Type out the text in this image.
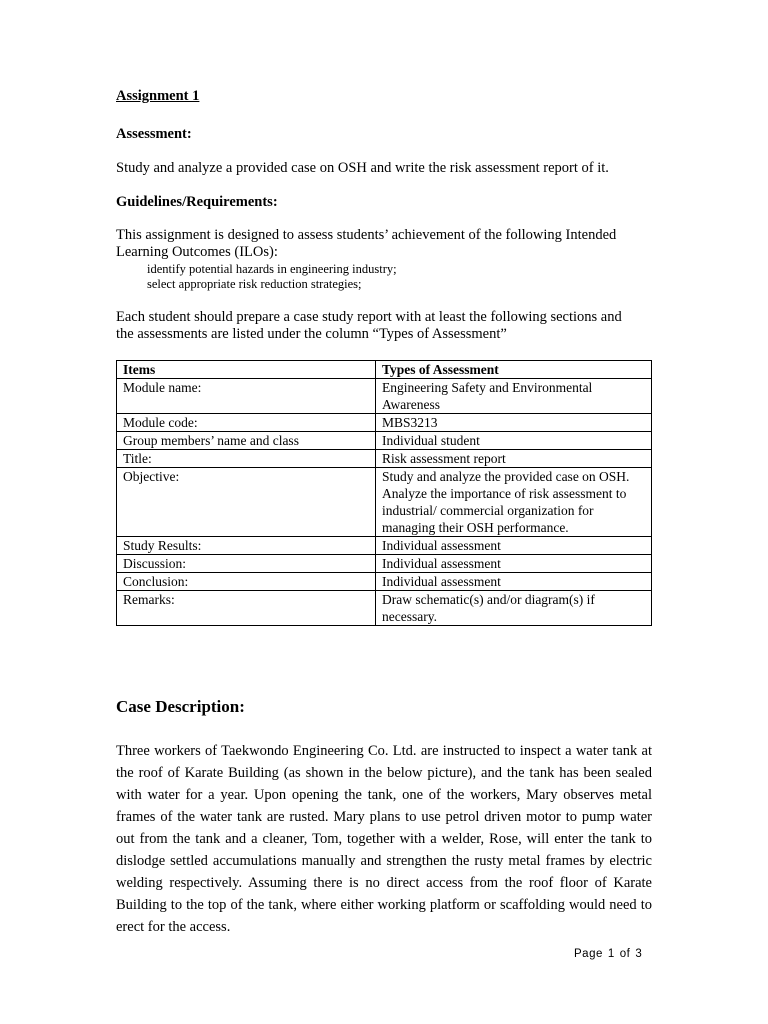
Assignment 1
Assessment:
Study and analyze a provided case on OSH and write the risk assessment report of it.
Guidelines/Requirements:
This assignment is designed to assess students’ achievement of the following Intended
Learning Outcomes (ILOs):
identify potential hazards in engineering industry;
select appropriate risk reduction strategies;
Each student should prepare a case study report with at least the following sections and
the assessments are listed under the column “Types of Assessment”
Items	Types of Assessment
Module name:	Engineering Safety and Environmental Awareness
Module code:	MBS3213
Group members’ name and class	Individual student
Title:	Risk assessment report
Objective:	Study and analyze the provided case on OSH.
Analyze the importance of risk assessment to industrial/ commercial organization for managing their OSH performance.

Study Results:	Individual assessment
Discussion:	Individual assessment
Conclusion:	Individual assessment
Remarks:	Draw schematic(s) and/or diagram(s) if necessary.
Case Description:
Three workers of Taekwondo Engineering Co. Ltd. are instructed to inspect a water tank at the roof of Karate Building (as shown in the below picture), and the tank has been sealed with water for a year. Upon opening the tank, one of the workers, Mary observes metal frames of the water tank are rusted. Mary plans to use petrol driven motor to pump water out from the tank and a cleaner, Tom, together with a welder, Rose, will enter the tank to dislodge settled accumulations manually and strengthen the rusty metal frames by electric welding respectively. Assuming there is no direct access from the roof floor of Karate Building to the top of the tank, where either working platform or scaffolding would need to erect for the access.
Page 1 of 3
